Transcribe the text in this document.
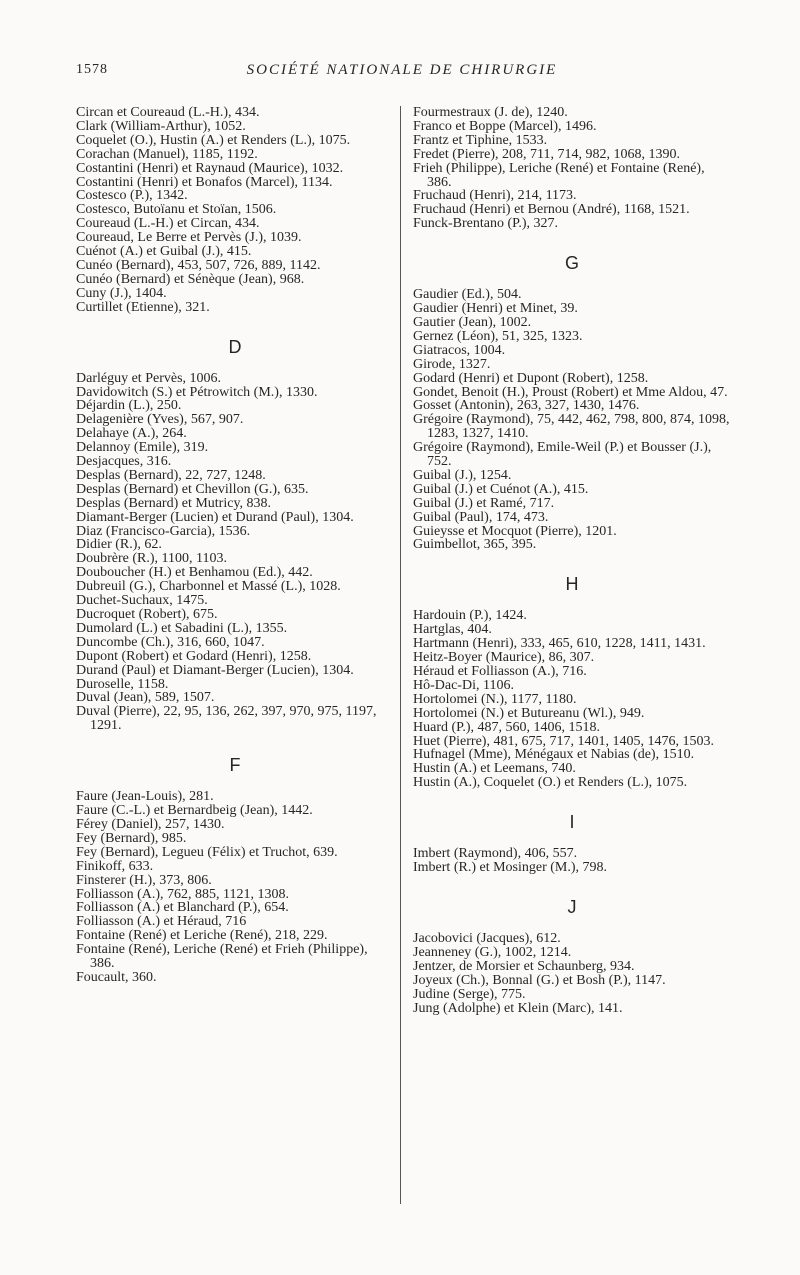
1578	SOCIÉTÉ NATIONALE DE CHIRURGIE

Circan et Coureaud (L.-H.), 434.

Clark (William-Arthur), 1052.

Coquelet (O.), Hustin (A.) et Renders (L.), 1075.

Corachan (Manuel), 1185, 1192.

Costantini (Henri) et Raynaud (Maurice), 1032.

Costantini (Henri) et Bonafos (Marcel), 1134.

Costesco (P.), 1342.

Costesco, Butoïanu et Stoïan, 1506.

Coureaud (L.-H.) et Circan, 434.

Coureaud, Le Berre et Pervès (J.), 1039.

Cuénot (A.) et Guibal (J.), 415.

Cunéo (Bernard), 453, 507, 726, 889, 1142.

Cunéo (Bernard) et Sénèque (Jean), 968.

Cuny (J.), 1404.

Curtillet (Etienne), 321.

D

Darléguy et Pervès, 1006.

Davidowitch (S.) et Pétrowitch (M.), 1330.

Déjardin (L.), 250.

Delagenière (Yves), 567, 907.

Delahaye (A.), 264.

Delannoy (Emile), 319.

Desjacques, 316.

Desplas (Bernard), 22, 727, 1248.

Desplas (Bernard) et Chevillon (G.), 635.

Desplas (Bernard) et Mutricy, 838.

Diamant-Berger (Lucien) et Durand (Paul), 1304.

Diaz (Francisco-Garcia), 1536.

Didier (R.), 62.

Doubrère (R.), 1100, 1103.

Douboucher (H.) et Benhamou (Ed.), 442.

Dubreuil (G.), Charbonnel et Massé (L.), 1028.

Duchet-Suchaux, 1475.

Ducroquet (Robert), 675.

Dumolard (L.) et Sabadini (L.), 1355.

Duncombe (Ch.), 316, 660, 1047.

Dupont (Robert) et Godard (Henri), 1258.

Durand (Paul) et Diamant-Berger (Lucien), 1304.

Duroselle, 1158.

Duval (Jean), 589, 1507.

Duval (Pierre), 22, 95, 136, 262, 397, 970, 975, 1197, 1291.

F

Faure (Jean-Louis), 281.

Faure (C.-L.) et Bernardbeig (Jean), 1442.

Férey (Daniel), 257, 1430.

Fey (Bernard), 985.

Fey (Bernard), Legueu (Félix) et Truchot, 639.

Finikoff, 633.

Finsterer (H.), 373, 806.

Folliasson (A.), 762, 885, 1121, 1308.

Folliasson (A.) et Blanchard (P.), 654.

Folliasson (A.) et Héraud, 716

Fontaine (René) et Leriche (René), 218, 229.

Fontaine (René), Leriche (René) et Frieh (Philippe), 386.

Foucault, 360.

Fourmestraux (J. de), 1240.

Franco et Boppe (Marcel), 1496.

Frantz et Tiphine, 1533.

Fredet (Pierre), 208, 711, 714, 982, 1068, 1390.

Frieh (Philippe), Leriche (René) et Fontaine (René), 386.

Fruchaud (Henri), 214, 1173.

Fruchaud (Henri) et Bernou (André), 1168, 1521.

Funck-Brentano (P.), 327.

G

Gaudier (Ed.), 504.

Gaudier (Henri) et Minet, 39.

Gautier (Jean), 1002.

Gernez (Léon), 51, 325, 1323.

Giatracos, 1004.

Girode, 1327.

Godard (Henri) et Dupont (Robert), 1258.

Gondet, Benoit (H.), Proust (Robert) et Mme Aldou, 47.

Gosset (Antonin), 263, 327, 1430, 1476.

Grégoire (Raymond), 75, 442, 462, 798, 800, 874, 1098, 1283, 1327, 1410.

Grégoire (Raymond), Emile-Weil (P.) et Bousser (J.), 752.

Guibal (J.), 1254.

Guibal (J.) et Cuénot (A.), 415.

Guibal (J.) et Ramé, 717.

Guibal (Paul), 174, 473.

Guieysse et Mocquot (Pierre), 1201.

Guimbellot, 365, 395.

H

Hardouin (P.), 1424.

Hartglas, 404.

Hartmann (Henri), 333, 465, 610, 1228, 1411, 1431.

Heitz-Boyer (Maurice), 86, 307.

Héraud et Folliasson (A.), 716.

Hô-Dac-Di, 1106.

Hortolomei (N.), 1177, 1180.

Hortolomei (N.) et Butureanu (Wl.), 949.

Huard (P.), 487, 560, 1406, 1518.

Huet (Pierre), 481, 675, 717, 1401, 1405, 1476, 1503.

Hufnagel (Mme), Ménégaux et Nabias (de), 1510.

Hustin (A.) et Leemans, 740.

Hustin (A.), Coquelet (O.) et Renders (L.), 1075.

I

Imbert (Raymond), 406, 557.

Imbert (R.) et Mosinger (M.), 798.

J

Jacobovici (Jacques), 612.

Jeanneney (G.), 1002, 1214.

Jentzer, de Morsier et Schaunberg, 934.

Joyeux (Ch.), Bonnal (G.) et Bosh (P.), 1147.

Judine (Serge), 775.

Jung (Adolphe) et Klein (Marc), 141.
